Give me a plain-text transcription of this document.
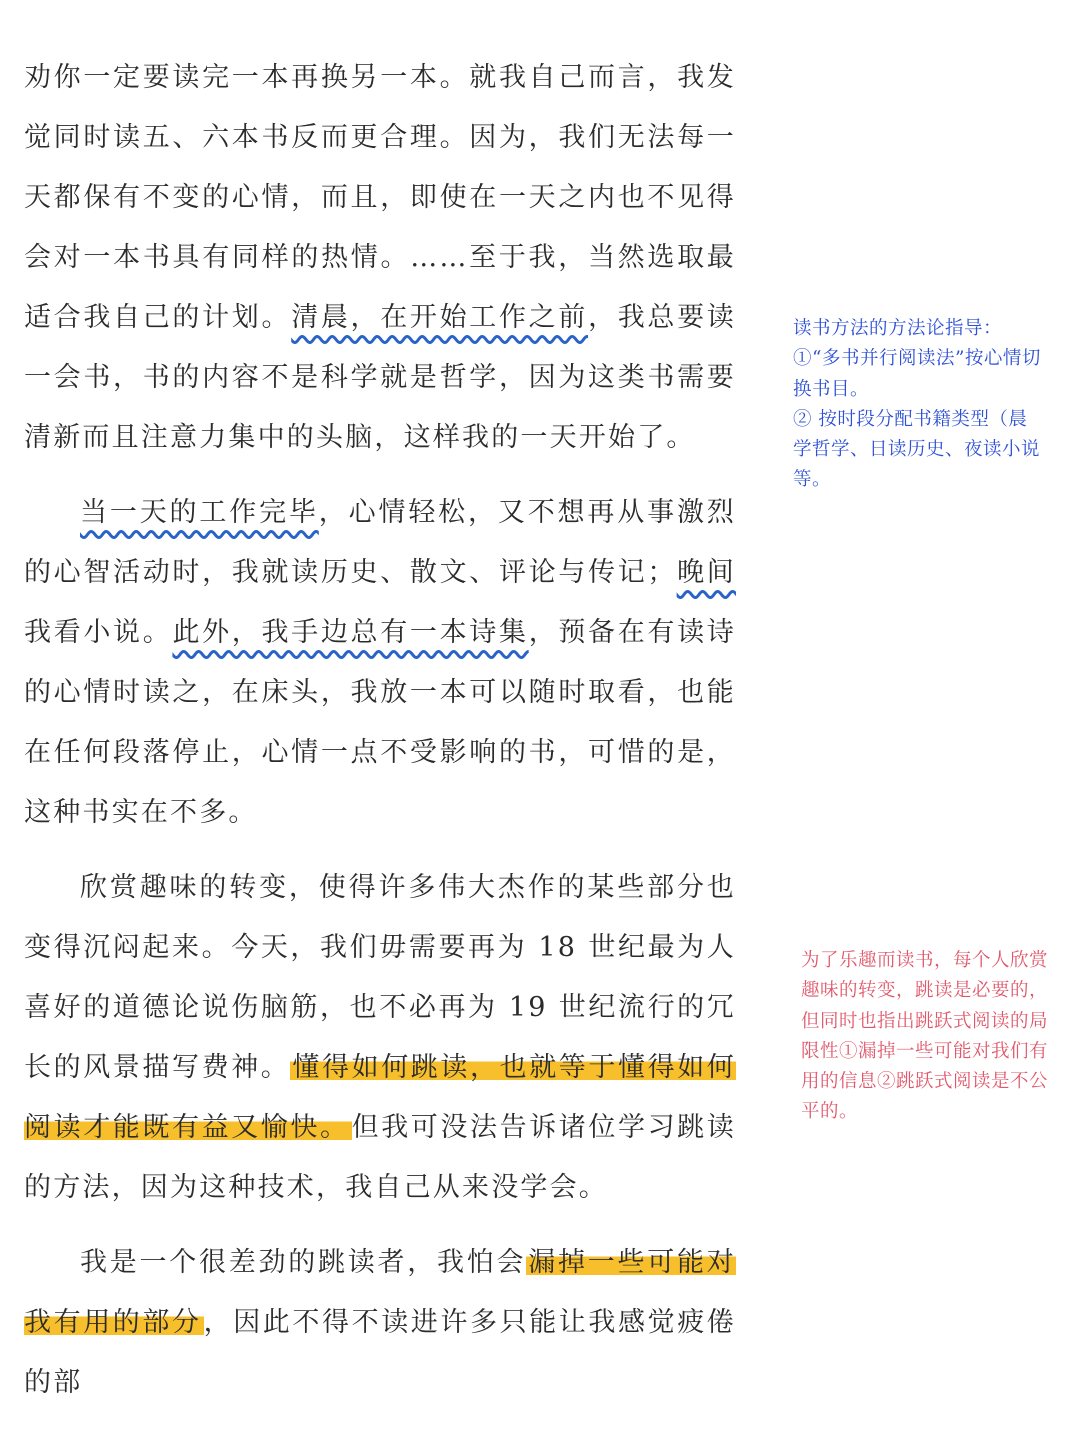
劝你一定要读完一本再换另一本。就我自己而言，我发觉同时读五、六本书反而更合理。因为，我们无法每一天都保有不变的心情，而且，即使在一天之内也不见得会对一本书具有同样的热情。……至于我，当然选取最适合我自己的计划。清晨，在开始工作之前，我总要读一会书，书的内容不是科学就是哲学，因为这类书需要清新而且注意力集中的头脑，这样我的一天开始了。

当一天的工作完毕，心情轻松，又不想再从事激烈的心智活动时，我就读历史、散文、评论与传记；晚间我看小说。此外，我手边总有一本诗集，预备在有读诗的心情时读之，在床头，我放一本可以随时取看，也能在任何段落停止，心情一点不受影响的书，可惜的是，这种书实在不多。

欣赏趣味的转变，使得许多伟大杰作的某些部分也变得沉闷起来。今天，我们毋需要再为 18 世纪最为人喜好的道德论说伤脑筋，也不必再为 19 世纪流行的冗长的风景描写费神。懂得如何跳读，也就等于懂得如何阅读才能既有益又愉快。但我可没法告诉诸位学习跳读的方法，因为这种技术，我自己从来没学会。

我是一个很差劲的跳读者，我怕会漏掉一些可能对我有用的部分，因此不得不读进许多只能让我感觉疲倦的部

读书方法的方法论指导：

①“多书并行阅读法”按心情切换书目。

② 按时段分配书籍类型（晨学哲学、日读历史、夜读小说等。

为了乐趣而读书，每个人欣赏趣味的转变，跳读是必要的，但同时也指出跳跃式阅读的局限性①漏掉一些可能对我们有用的信息②跳跃式阅读是不公平的。
